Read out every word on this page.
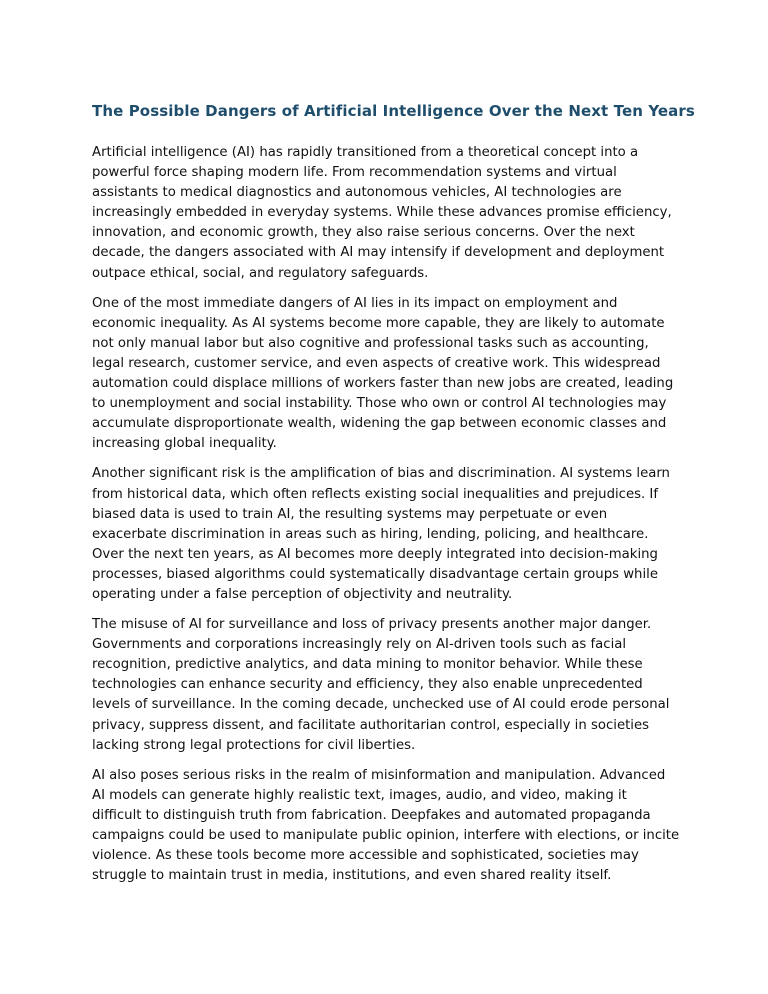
The Possible Dangers of Artificial Intelligence Over the Next Ten Years

Artificial intelligence (AI) has rapidly transitioned from a theoretical concept into a powerful force shaping modern life. From recommendation systems and virtual assistants to medical diagnostics and autonomous vehicles, AI technologies are increasingly embedded in everyday systems. While these advances promise efficiency, innovation, and economic growth, they also raise serious concerns. Over the next decade, the dangers associated with AI may intensify if development and deployment outpace ethical, social, and regulatory safeguards.

One of the most immediate dangers of AI lies in its impact on employment and economic inequality. As AI systems become more capable, they are likely to automate not only manual labor but also cognitive and professional tasks such as accounting, legal research, customer service, and even aspects of creative work. This widespread automation could displace millions of workers faster than new jobs are created, leading to unemployment and social instability. Those who own or control AI technologies may accumulate disproportionate wealth, widening the gap between economic classes and increasing global inequality.

Another significant risk is the amplification of bias and discrimination. AI systems learn from historical data, which often reflects existing social inequalities and prejudices. If biased data is used to train AI, the resulting systems may perpetuate or even exacerbate discrimination in areas such as hiring, lending, policing, and healthcare. Over the next ten years, as AI becomes more deeply integrated into decision-making processes, biased algorithms could systematically disadvantage certain groups while operating under a false perception of objectivity and neutrality.

The misuse of AI for surveillance and loss of privacy presents another major danger. Governments and corporations increasingly rely on AI-driven tools such as facial recognition, predictive analytics, and data mining to monitor behavior. While these technologies can enhance security and efficiency, they also enable unprecedented levels of surveillance. In the coming decade, unchecked use of AI could erode personal privacy, suppress dissent, and facilitate authoritarian control, especially in societies lacking strong legal protections for civil liberties.

AI also poses serious risks in the realm of misinformation and manipulation. Advanced AI models can generate highly realistic text, images, audio, and video, making it difficult to distinguish truth from fabrication. Deepfakes and automated propaganda campaigns could be used to manipulate public opinion, interfere with elections, or incite violence. As these tools become more accessible and sophisticated, societies may struggle to maintain trust in media, institutions, and even shared reality itself.
